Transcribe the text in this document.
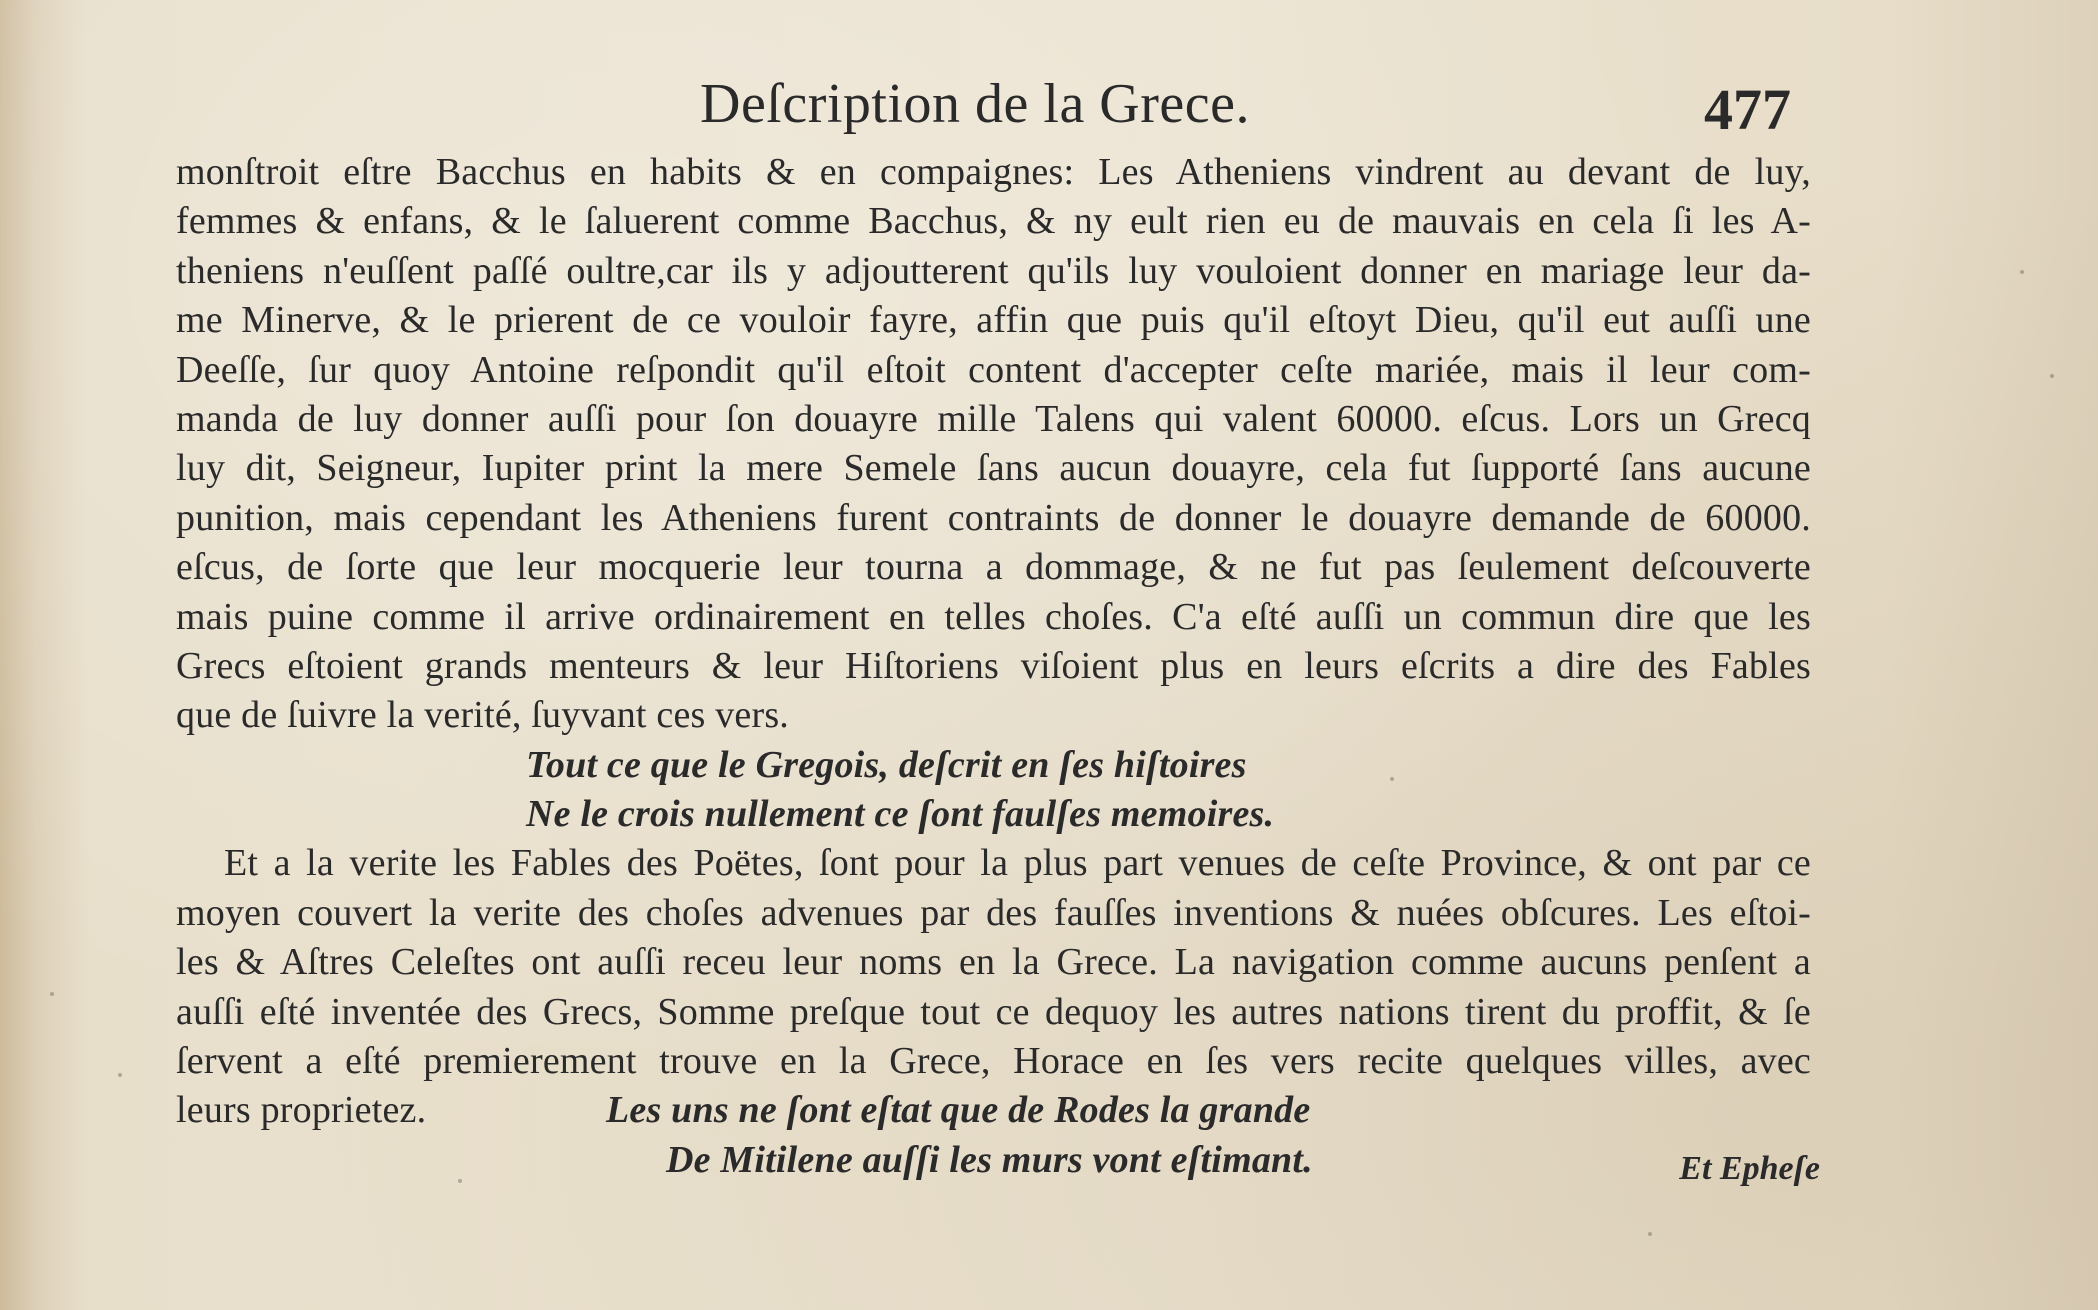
Deſcription de la Grece.	477
monſtroit eſtre Bacchus en habits & en compaignes: Les Atheniens vindrent au devant de luy,
femmes & enfans, & le ſaluerent comme Bacchus, & ny eult rien eu de mauvais en cela ſi les A-
theniens n'euſſent paſſé oultre,car ils y adjoutterent qu'ils luy vouloient donner en mariage leur da-
me Minerve, & le prierent de ce vouloir fayre, affin que puis qu'il eſtoyt Dieu, qu'il eut auſſi une
Deeſſe, ſur quoy Antoine reſpondit qu'il eſtoit content d'accepter ceſte mariée, mais il leur com-
manda de luy donner auſſi pour ſon douayre mille Talens qui valent 60000. eſcus. Lors un Grecq
luy dit, Seigneur, Iupiter print la mere Semele ſans aucun douayre, cela fut ſupporté ſans aucune
punition, mais cependant les Atheniens furent contraints de donner le douayre demande de 60000.
eſcus, de ſorte que leur mocquerie leur tourna a dommage, & ne fut pas ſeulement deſcouverte
mais puine comme il arrive ordinairement en telles choſes. C'a eſté auſſi un commun dire que les
Grecs eſtoient grands menteurs & leur Hiſtoriens viſoient plus en leurs eſcrits a dire des Fables
que de ſuivre la verité, ſuyvant ces vers.
Tout ce que le Gregois, deſcrit en ſes hiſtoires
Ne le crois nullement ce ſont faulſes memoires.
Et a la verite les Fables des Poëtes, ſont pour la plus part venues de ceſte Province, & ont par ce
moyen couvert la verite des choſes advenues par des fauſſes inventions & nuées obſcures. Les eſtoi-
les & Aſtres Celeſtes ont auſſi receu leur noms en la Grece. La navigation comme aucuns penſent a
auſſi eſté inventée des Grecs, Somme preſque tout ce dequoy les autres nations tirent du proffit, & ſe
ſervent a eſté premierement trouve en la Grece, Horace en ſes vers recite quelques villes, avec
leurs proprietez.	Les uns ne ſont eſtat que de Rodes la grande
De Mitilene auſſi les murs vont eſtimant.	Et Epheſe
